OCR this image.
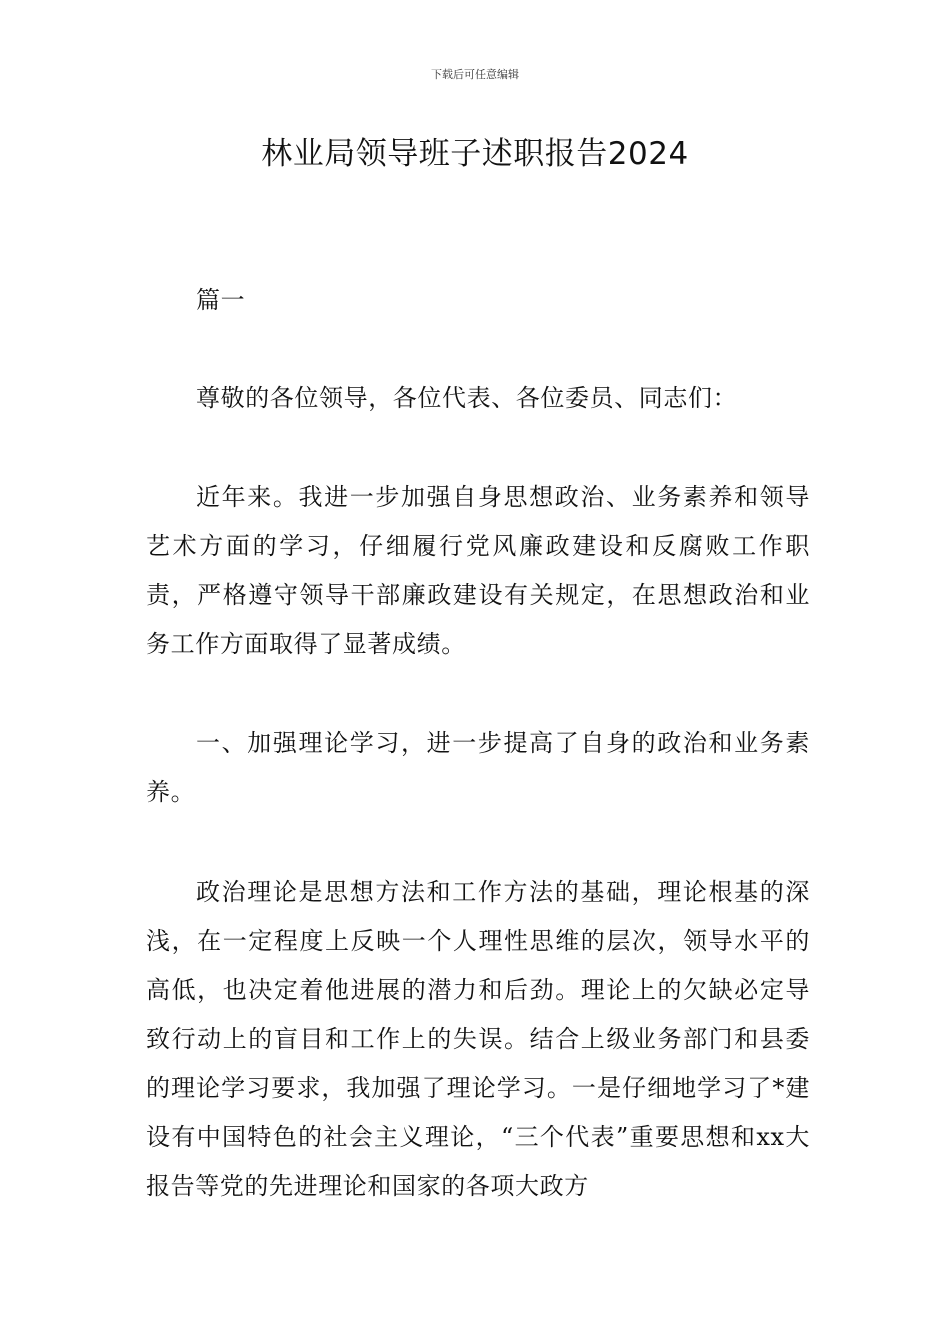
下载后可任意编辑
林业局领导班子述职报告2024

篇一

尊敬的各位领导，各位代表、各位委员、同志们：

近年来。我进一步加强自身思想政治、业务素养和领导艺术方面的学习，仔细履行党风廉政建设和反腐败工作职责，严格遵守领导干部廉政建设有关规定，在思想政治和业务工作方面取得了显著成绩。

一、加强理论学习，进一步提高了自身的政治和业务素养。

政治理论是思想方法和工作方法的基础，理论根基的深浅，在一定程度上反映一个人理性思维的层次，领导水平的高低，也决定着他进展的潜力和后劲。理论上的欠缺必定导致行动上的盲目和工作上的失误。结合上级业务部门和县委的理论学习要求，我加强了理论学习。一是仔细地学习了*建设有中国特色的社会主义理论，“三个代表”重要思想和xx大报告等党的先进理论和国家的各项大政方
